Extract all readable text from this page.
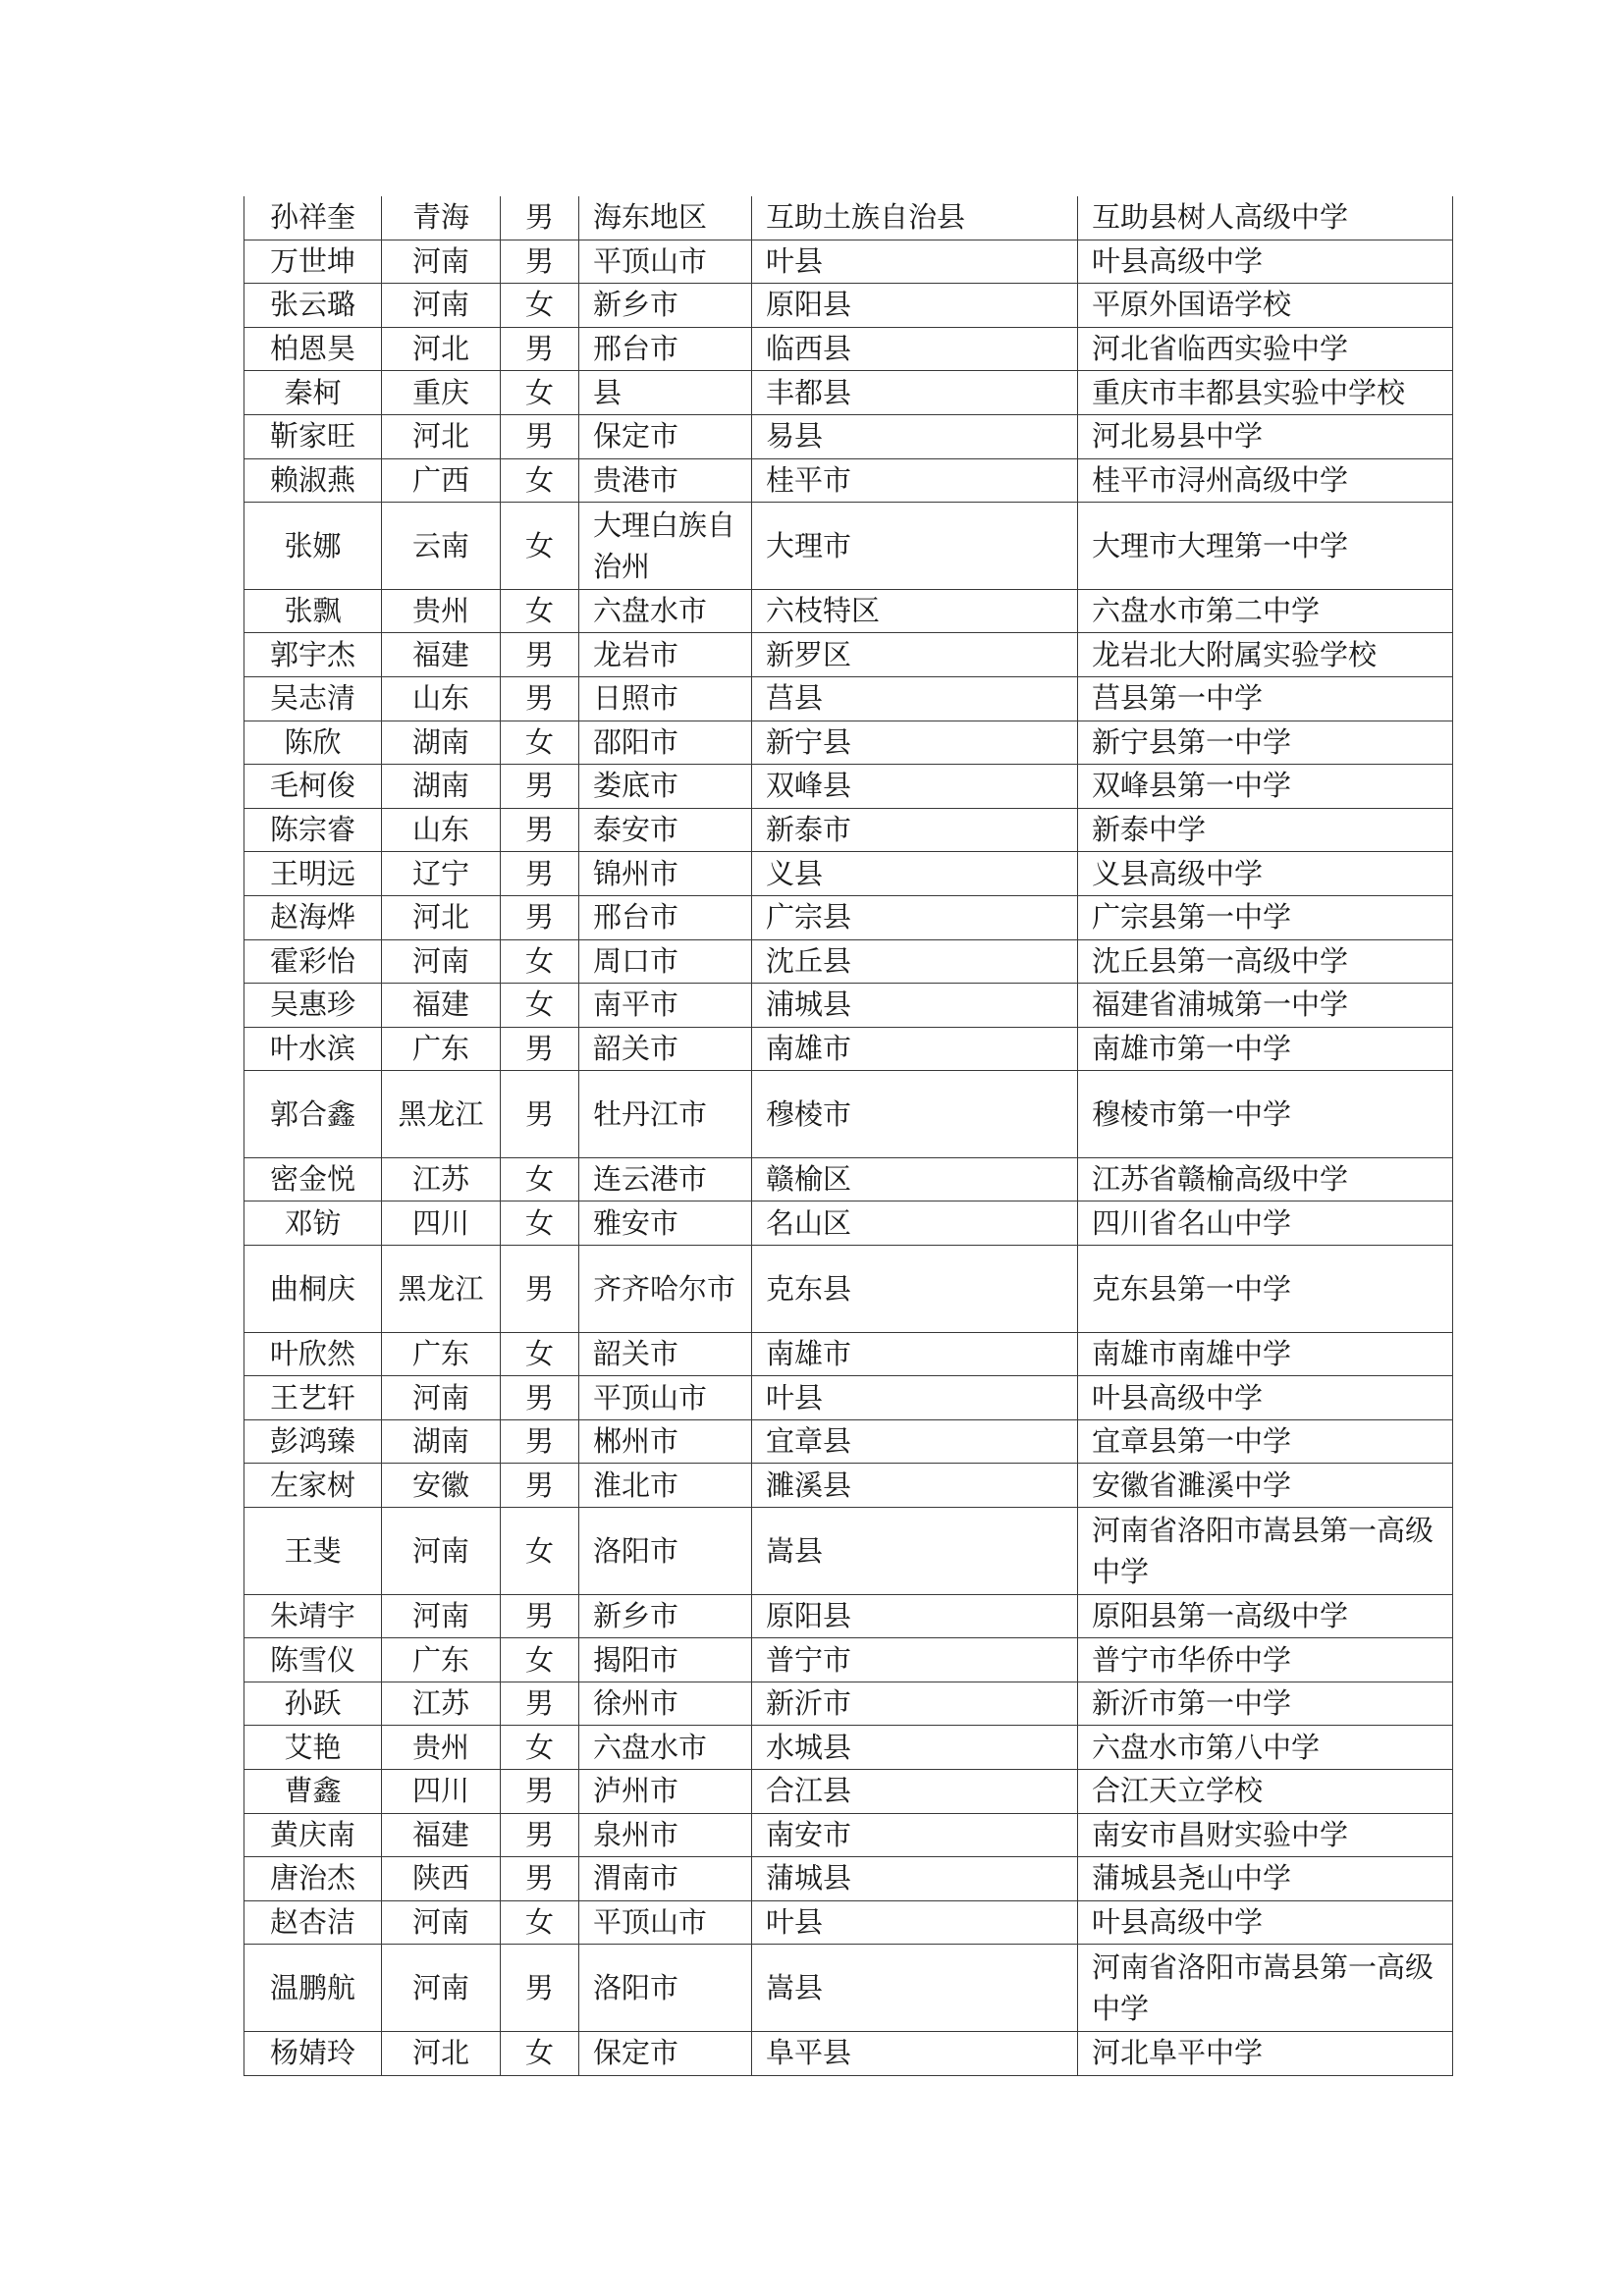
孙祥奎	青海	男	海东地区	互助土族自治县	互助县树人高级中学
万世坤	河南	男	平顶山市	叶县	叶县高级中学
张云璐	河南	女	新乡市	原阳县	平原外国语学校
柏恩昊	河北	男	邢台市	临西县	河北省临西实验中学
秦柯	重庆	女	县	丰都县	重庆市丰都县实验中学校
靳家旺	河北	男	保定市	易县	河北易县中学
赖淑燕	广西	女	贵港市	桂平市	桂平市浔州高级中学
张娜	云南	女	大理白族自治州	大理市	大理市大理第一中学
张飘	贵州	女	六盘水市	六枝特区	六盘水市第二中学
郭宇杰	福建	男	龙岩市	新罗区	龙岩北大附属实验学校
吴志清	山东	男	日照市	莒县	莒县第一中学
陈欣	湖南	女	邵阳市	新宁县	新宁县第一中学
毛柯俊	湖南	男	娄底市	双峰县	双峰县第一中学
陈宗睿	山东	男	泰安市	新泰市	新泰中学
王明远	辽宁	男	锦州市	义县	义县高级中学
赵海烨	河北	男	邢台市	广宗县	广宗县第一中学
霍彩怡	河南	女	周口市	沈丘县	沈丘县第一高级中学
吴惠珍	福建	女	南平市	浦城县	福建省浦城第一中学
叶水滨	广东	男	韶关市	南雄市	南雄市第一中学
郭合鑫	黑龙江	男	牡丹江市	穆棱市	穆棱市第一中学
密金悦	江苏	女	连云港市	赣榆区	江苏省赣榆高级中学
邓钫	四川	女	雅安市	名山区	四川省名山中学
曲桐庆	黑龙江	男	齐齐哈尔市	克东县	克东县第一中学
叶欣然	广东	女	韶关市	南雄市	南雄市南雄中学
王艺轩	河南	男	平顶山市	叶县	叶县高级中学
彭鸿臻	湖南	男	郴州市	宜章县	宜章县第一中学
左家树	安徽	男	淮北市	濉溪县	安徽省濉溪中学
王斐	河南	女	洛阳市	嵩县	河南省洛阳市嵩县第一高级中学
朱靖宇	河南	男	新乡市	原阳县	原阳县第一高级中学
陈雪仪	广东	女	揭阳市	普宁市	普宁市华侨中学
孙跃	江苏	男	徐州市	新沂市	新沂市第一中学
艾艳	贵州	女	六盘水市	水城县	六盘水市第八中学
曹鑫	四川	男	泸州市	合江县	合江天立学校
黄庆南	福建	男	泉州市	南安市	南安市昌财实验中学
唐治杰	陕西	男	渭南市	蒲城县	蒲城县尧山中学
赵杏洁	河南	女	平顶山市	叶县	叶县高级中学
温鹏航	河南	男	洛阳市	嵩县	河南省洛阳市嵩县第一高级中学
杨婧玲	河北	女	保定市	阜平县	河北阜平中学
